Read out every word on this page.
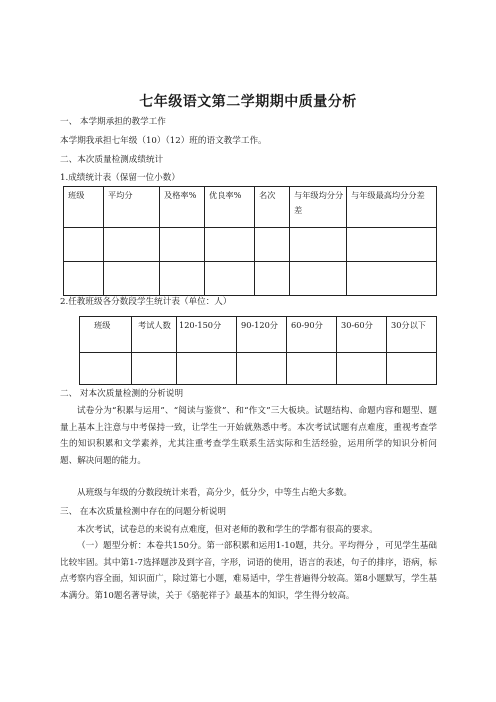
七年级语文第二学期期中质量分析
一、 本学期承担的教学工作
本学期我承担七年级（10）（12）班的语文教学工作。
二、本次质量检测成绩统计
1.成绩统计表（保留一位小数）
班级	平均分	及格率%	优良率%	名次	与年级均分分差	与年级最高均分分差

2.任教班级各分数段学生统计表（单位：人）
班级	考试人数	120-150分	90-120分	60-90分	30-60分	30分以下

二、 对本次质量检测的分析说明
试卷分为“积累与运用”、“阅读与鉴赏”、和“作文”三大板块。试题结构、命题内容和题型、题量上基本上注意与中考保持一致，让学生一开始就熟悉中考。本次考试试题有点难度，重视考查学生的知识积累和文学素养，尤其注重考查学生联系生活实际和生活经验，运用所学的知识分析问题、解决问题的能力。
从班级与年级的分数段统计来看，高分少，低分少，中等生占绝大多数。
三、 在本次质量检测中存在的问题分析说明
本次考试，试卷总的来说有点难度，但对老师的教和学生的学都有很高的要求。
（一）题型分析：本卷共150分。第一部积累和运用1-10题，共分。平均得分 ，可见学生基础比较牢固。其中第1-7选择题涉及到字音，字形，词语的使用，语言的表述，句子的排序，语病，标点考察内容全面，知识面广，除过第七小题，难易适中，学生普遍得分较高。第8小题默写，学生基本满分。第10题名著导读，关于《骆驼祥子》最基本的知识，学生得分较高。
